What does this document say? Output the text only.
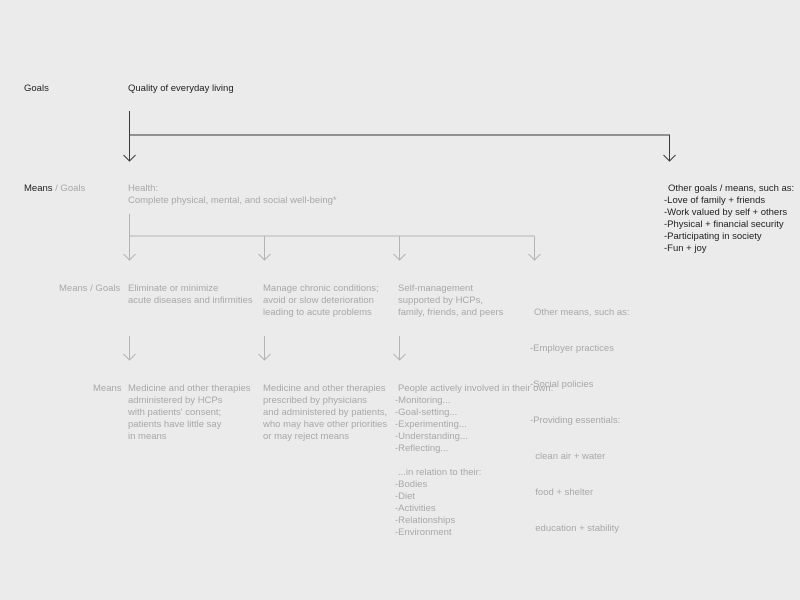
Goals
Means / Goals
Means / Goals
Means
Quality of everyday living
Health:
Complete physical, mental, and social well-being*
Other goals / means, such as:
-Love of family + friends
-Work valued by self + others
-Physical + financial security
-Participating in society
-Fun + joy
Eliminate or minimize
acute diseases and infirmities
Medicine and other therapies
administered by HCPs
with patients' consent;
patients have little say
in means
Manage chronic conditions;
avoid or slow deterioration
leading to acute problems
Medicine and other therapies
prescribed by physicians
and administered by patients,
who may have other priorities
or may reject means
Self-management
supported by HCPs,
family, friends, and peers
People actively involved in their own:
-Monitoring...
-Goal-setting...
-Experimenting...
-Understanding...
-Reflecting...
...in relation to their:
-Bodies
-Diet
-Activities
-Relationships
-Environment

Other means, such as:

-Employer practices

-Social policies

-Providing essentials:

clean air + water

food + shelter

education + stability
